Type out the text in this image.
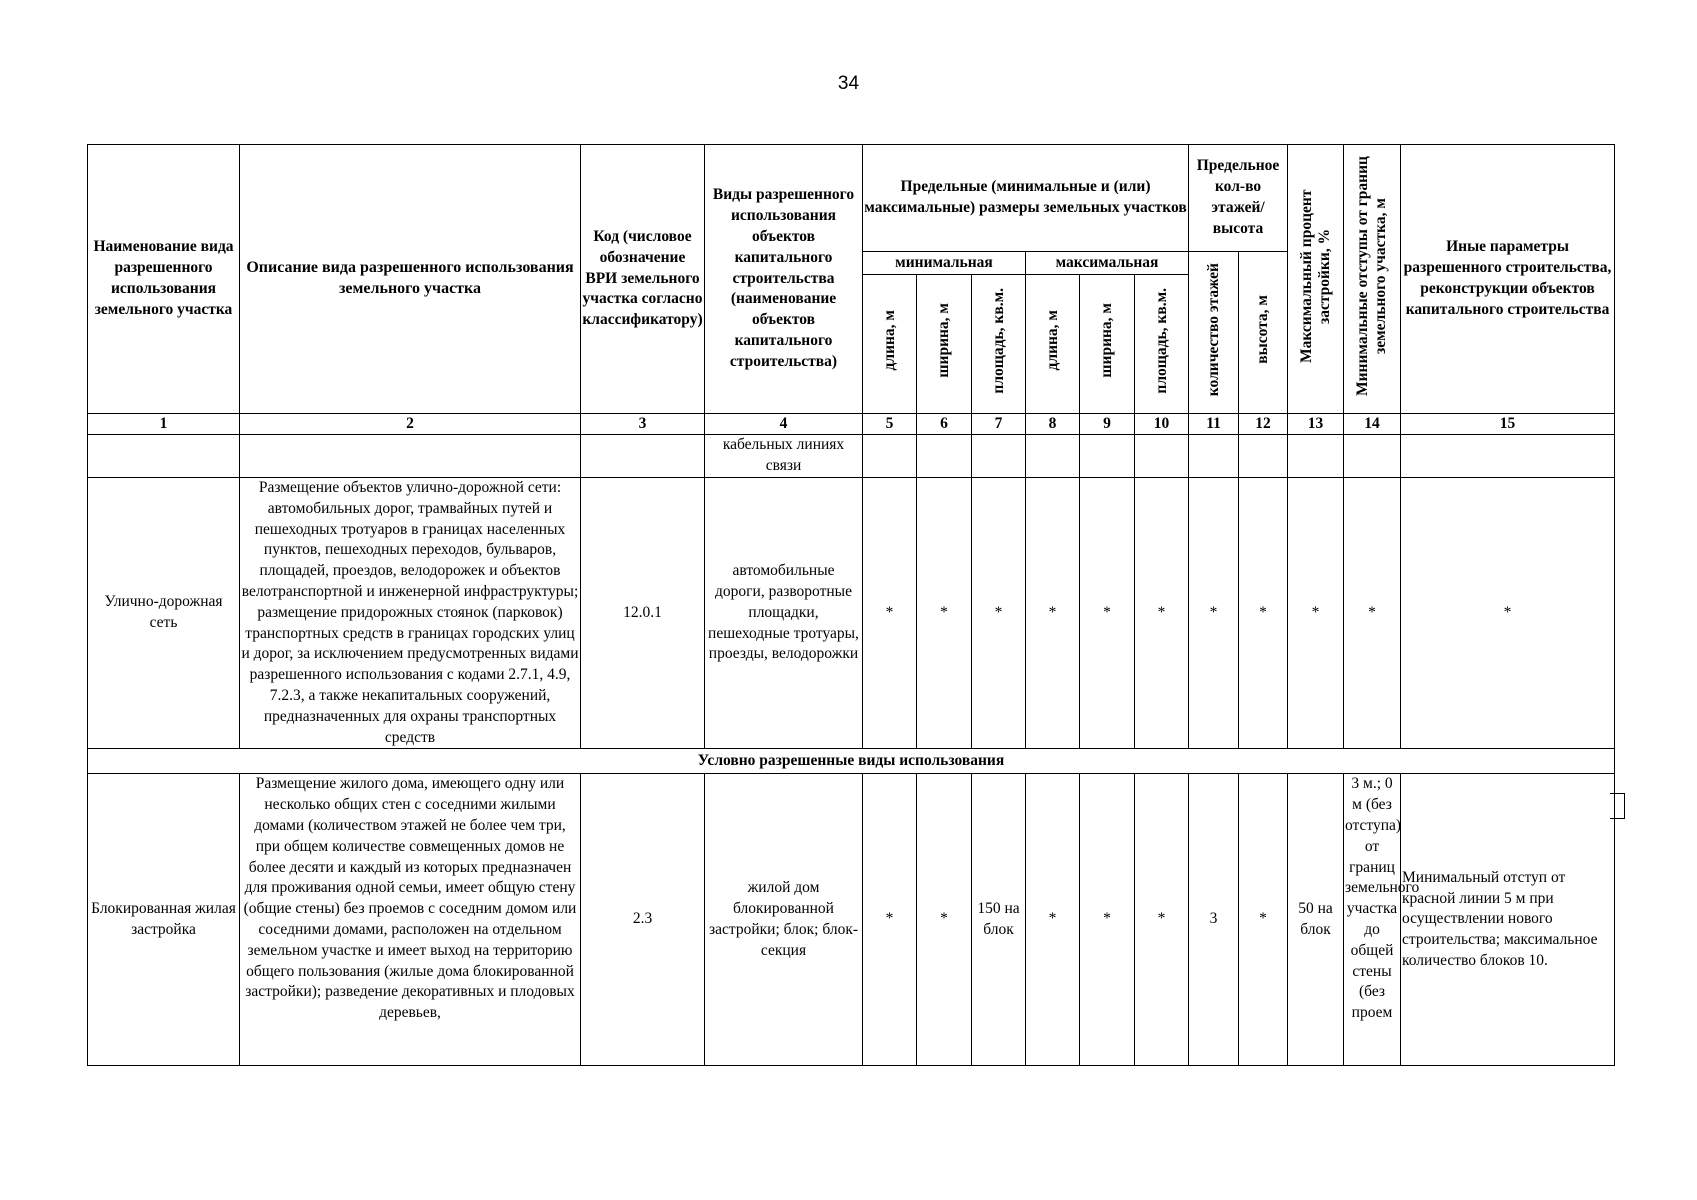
34
Наименование вида разрешенного использования земельного участка	Описание вида разрешенного использования земельного участка	Код (числовое обозначение ВРИ земельного участка согласно классификатору)	Виды разрешенного использования объектов капитального строительства (наименование объектов капитального строительства)	Предельные (минимальные и (или) максимальные) размеры земельных участков						Предельное кол-во этажей/ высота		Максимальный процент застройки, %	Минимальные отступы от границ земельного участка, м	Иные параметры разрешенного строительства, реконструкции объектов капитального строительства
				минимальная			максимальная			количество этажей	высота, м			
				длина, м	ширина, м	площадь, кв.м.	длина, м	ширина, м	площадь, кв.м.					
1	2	3	4	5	6	7	8	9	10	11	12	13	14	15
			кабельных линиях связи											
Улично-дорожная сеть	Размещение объектов улично-дорожной сети: автомобильных дорог, трамвайных путей и пешеходных тротуаров в границах населенных пунктов, пешеходных переходов, бульваров, площадей, проездов, велодорожек и объектов велотранспортной и инженерной инфраструктуры; размещение придорожных стоянок (парковок) транспортных средств в границах городских улиц и дорог, за исключением предусмотренных видами разрешенного использования с кодами 2.7.1, 4.9, 7.2.3, а также некапитальных сооружений, предназначенных для охраны транспортных средств	12.0.1	автомобильные дороги, разворотные площадки, пешеходные тротуары, проезды, велодорожки	*	*	*	*	*	*	*	*	*	*	*
Условно разрешенные виды использования														
Блокированная жилая застройка	Размещение жилого дома, имеющего одну или несколько общих стен с соседними жилыми домами (количеством этажей не более чем три, при общем количестве совмещенных домов не более десяти и каждый из которых предназначен для проживания одной семьи, имеет общую стену (общие стены) без проемов с соседним домом или соседними домами, расположен на отдельном земельном участке и имеет выход на территорию общего пользования (жилые дома блокированной застройки); разведение декоративных и плодовых деревьев,	2.3	жилой дом блокированной застройки; блок; блок-секция	*	*	150 на блок	*	*	*	3	*	50 на блок	3 м.; 0 м (без отступа) от границ земельного участка до общей стены (без проем	Минимальный отступ от красной линии 5 м при осуществлении нового строительства; максимальное количество блоков 10.
